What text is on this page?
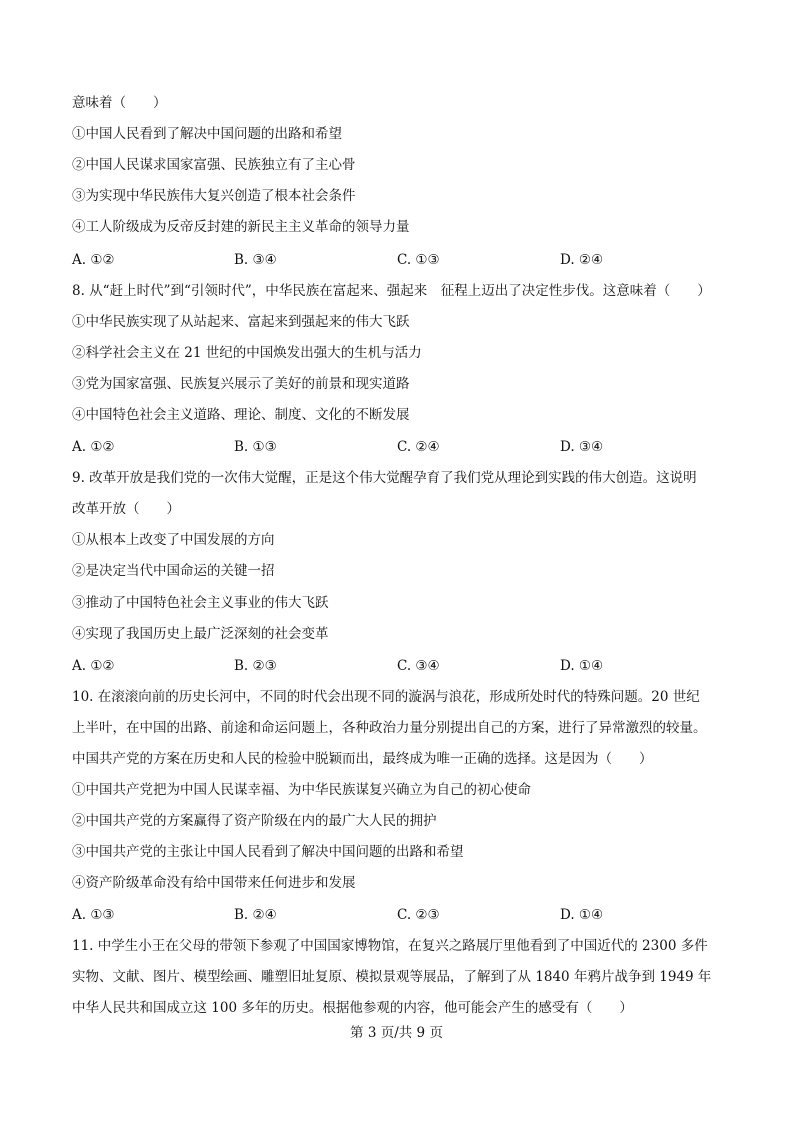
意味着（　　）
①中国人民看到了解决中国问题的出路和希望
②中国人民谋求国家富强、民族独立有了主心骨
③为实现中华民族伟大复兴创造了根本社会条件
④工人阶级成为反帝反封建的新民主主义革命的领导力量
A. ①②	B. ③④	C. ①③	D. ②④
8. 从“赶上时代”到“引领时代”，中华民族在富起来、强起来　征程上迈出了决定性步伐。这意味着（　　）
①中华民族实现了从站起来、富起来到强起来的伟大飞跃
②科学社会主义在 21 世纪的中国焕发出强大的生机与活力
③党为国家富强、民族复兴展示了美好的前景和现实道路
④中国特色社会主义道路、理论、制度、文化的不断发展
A. ①②	B. ①③	C. ②④	D. ③④
9. 改革开放是我们党的一次伟大觉醒，正是这个伟大觉醒孕育了我们党从理论到实践的伟大创造。这说明
改革开放（　　）
①从根本上改变了中国发展的方向
②是决定当代中国命运的关键一招
③推动了中国特色社会主义事业的伟大飞跃
④实现了我国历史上最广泛深刻的社会变革
A. ①②	B. ②③	C. ③④	D. ①④
10. 在滚滚向前的历史长河中，不同的时代会出现不同的漩涡与浪花，形成所处时代的特殊问题。20 世纪
上半叶，在中国的出路、前途和命运问题上，各种政治力量分别提出自己的方案，进行了异常激烈的较量。
中国共产党的方案在历史和人民的检验中脱颖而出，最终成为唯一正确的选择。这是因为（　　）
①中国共产党把为中国人民谋幸福、为中华民族谋复兴确立为自己的初心使命
②中国共产党的方案赢得了资产阶级在内的最广大人民的拥护
③中国共产党的主张让中国人民看到了解决中国问题的出路和希望
④资产阶级革命没有给中国带来任何进步和发展
A. ①③	B. ②④	C. ②③	D. ①④
11. 中学生小王在父母的带领下参观了中国国家博物馆，在复兴之路展厅里他看到了中国近代的 2300 多件
实物、文献、图片、模型绘画、雕塑旧址复原、模拟景观等展品，了解到了从 1840 年鸦片战争到 1949 年
中华人民共和国成立这 100 多年的历史。根据他参观的内容，他可能会产生的感受有（　　）
第 3 页/共 9 页
